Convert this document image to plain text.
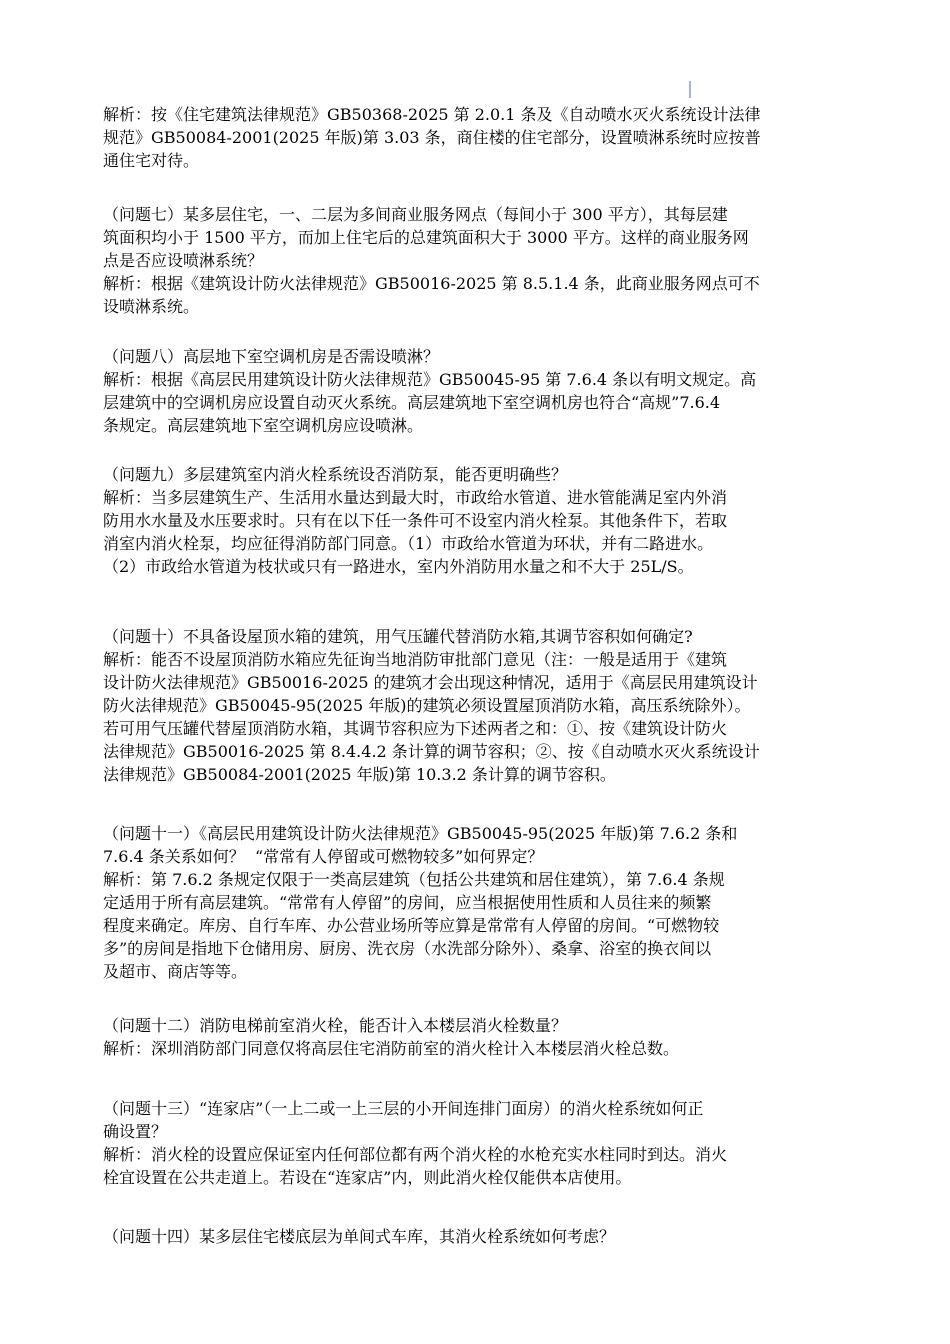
解析：按《住宅建筑法律规范》GB50368-2025 第 2.0.1 条及《自动喷水灭火系统设计法律
规范》GB50084-2001(2025 年版)第 3.03 条，商住楼的住宅部分，设置喷淋系统时应按普
通住宅对待。
（问题七）某多层住宅，一、二层为多间商业服务网点（每间小于 300 平方），其每层建
筑面积均小于 1500 平方，而加上住宅后的总建筑面积大于 3000 平方。这样的商业服务网
点是否应设喷淋系统？
解析：根据《建筑设计防火法律规范》GB50016-2025 第 8.5.1.4 条，此商业服务网点可不
设喷淋系统。
（问题八）高层地下室空调机房是否需设喷淋？
解析：根据《高层民用建筑设计防火法律规范》GB50045-95 第 7.6.4 条以有明文规定。高
层建筑中的空调机房应设置自动灭火系统。高层建筑地下室空调机房也符合“高规”7.6.4
条规定。高层建筑地下室空调机房应设喷淋。
（问题九）多层建筑室内消火栓系统设否消防泵，能否更明确些？
解析：当多层建筑生产、生活用水量达到最大时，市政给水管道、进水管能满足室内外消
防用水水量及水压要求时。只有在以下任一条件可不设室内消火栓泵。其他条件下，若取
消室内消火栓泵，均应征得消防部门同意。（1）市政给水管道为环状，并有二路进水。
（2）市政给水管道为枝状或只有一路进水，室内外消防用水量之和不大于 25L/S。
（问题十）不具备设屋顶水箱的建筑，用气压罐代替消防水箱,其调节容积如何确定?
解析：能否不设屋顶消防水箱应先征询当地消防审批部门意见（注：一般是适用于《建筑
设计防火法律规范》GB50016-2025 的建筑才会出现这种情况，适用于《高层民用建筑设计
防火法律规范》GB50045-95(2025 年版)的建筑必须设置屋顶消防水箱，高压系统除外）。
若可用气压罐代替屋顶消防水箱，其调节容积应为下述两者之和：①、按《建筑设计防火
法律规范》GB50016-2025 第 8.4.4.2 条计算的调节容积；②、按《自动喷水灭火系统设计
法律规范》GB50084-2001(2025 年版)第 10.3.2 条计算的调节容积。
（问题十一）《高层民用建筑设计防火法律规范》GB50045-95(2025 年版)第 7.6.2 条和
7.6.4 条关系如何？  “常常有人停留或可燃物较多”如何界定？
解析：第 7.6.2 条规定仅限于一类高层建筑（包括公共建筑和居住建筑），第 7.6.4 条规
定适用于所有高层建筑。“常常有人停留”的房间，应当根据使用性质和人员往来的频繁
程度来确定。库房、自行车库、办公营业场所等应算是常常有人停留的房间。“可燃物较
多”的房间是指地下仓储用房、厨房、洗衣房（水洗部分除外）、桑拿、浴室的换衣间以
及超市、商店等等。
（问题十二）消防电梯前室消火栓，能否计入本楼层消火栓数量？
解析：深圳消防部门同意仅将高层住宅消防前室的消火栓计入本楼层消火栓总数。
（问题十三）“连家店”（一上二或一上三层的小开间连排门面房）的消火栓系统如何正
确设置？
解析：消火栓的设置应保证室内任何部位都有两个消火栓的水枪充实水柱同时到达。消火
栓宜设置在公共走道上。若设在“连家店”内，则此消火栓仅能供本店使用。
（问题十四）某多层住宅楼底层为单间式车库，其消火栓系统如何考虑？
